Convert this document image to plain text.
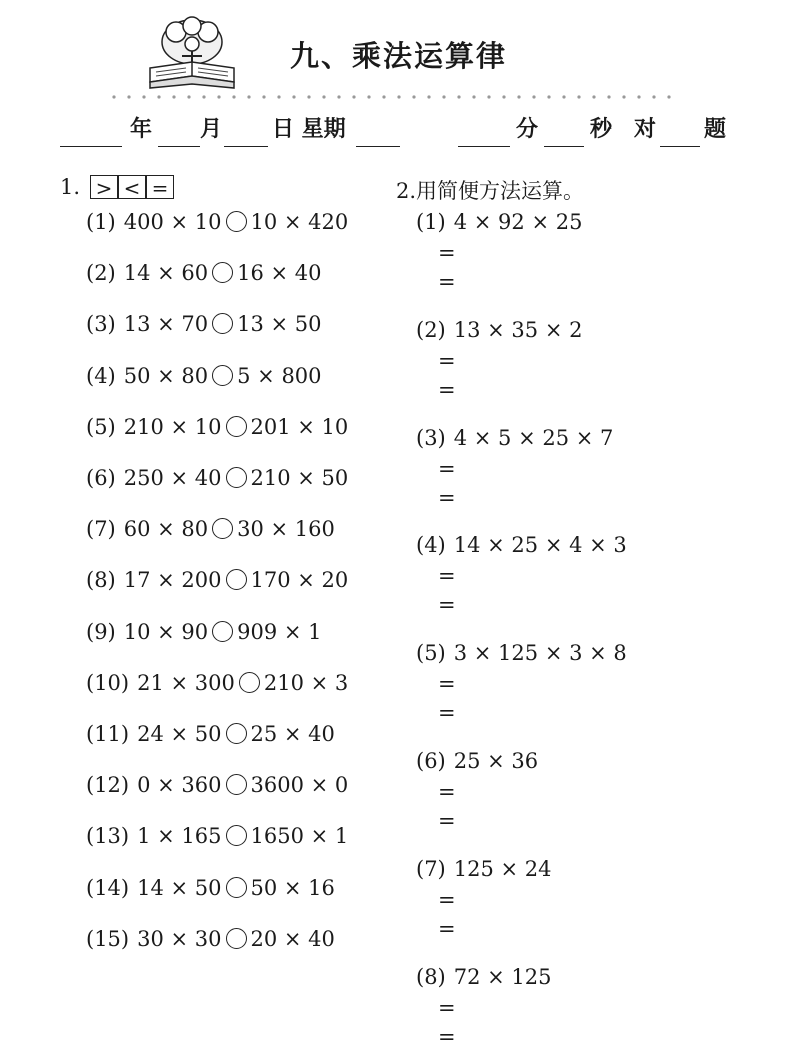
九、乘法运算律
年 月 日 星期	分 秒 对 题
1. > < =
(1) 400 × 10 10 × 420
(2) 14 × 60 16 × 40
(3) 13 × 70 13 × 50
(4) 50 × 80 5 × 800
(5) 210 × 10 201 × 10
(6) 250 × 40 210 × 50
(7) 60 × 80 30 × 160
(8) 17 × 200 170 × 20
(9) 10 × 90 909 × 1
(10) 21 × 300 210 × 3
(11) 24 × 50 25 × 40
(12) 0 × 360 3600 × 0
(13) 1 × 165 1650 × 1
(14) 14 × 50 50 × 16
(15) 30 × 30 20 × 40
2.用简便方法运算。
(1) 4 × 92 × 25
=
=
(2) 13 × 35 × 2
=
=
(3) 4 × 5 × 25 × 7
=
=
(4) 14 × 25 × 4 × 3
=
=
(5) 3 × 125 × 3 × 8
=
=
(6) 25 × 36
=
=
(7) 125 × 24
=
=
(8) 72 × 125
=
=
